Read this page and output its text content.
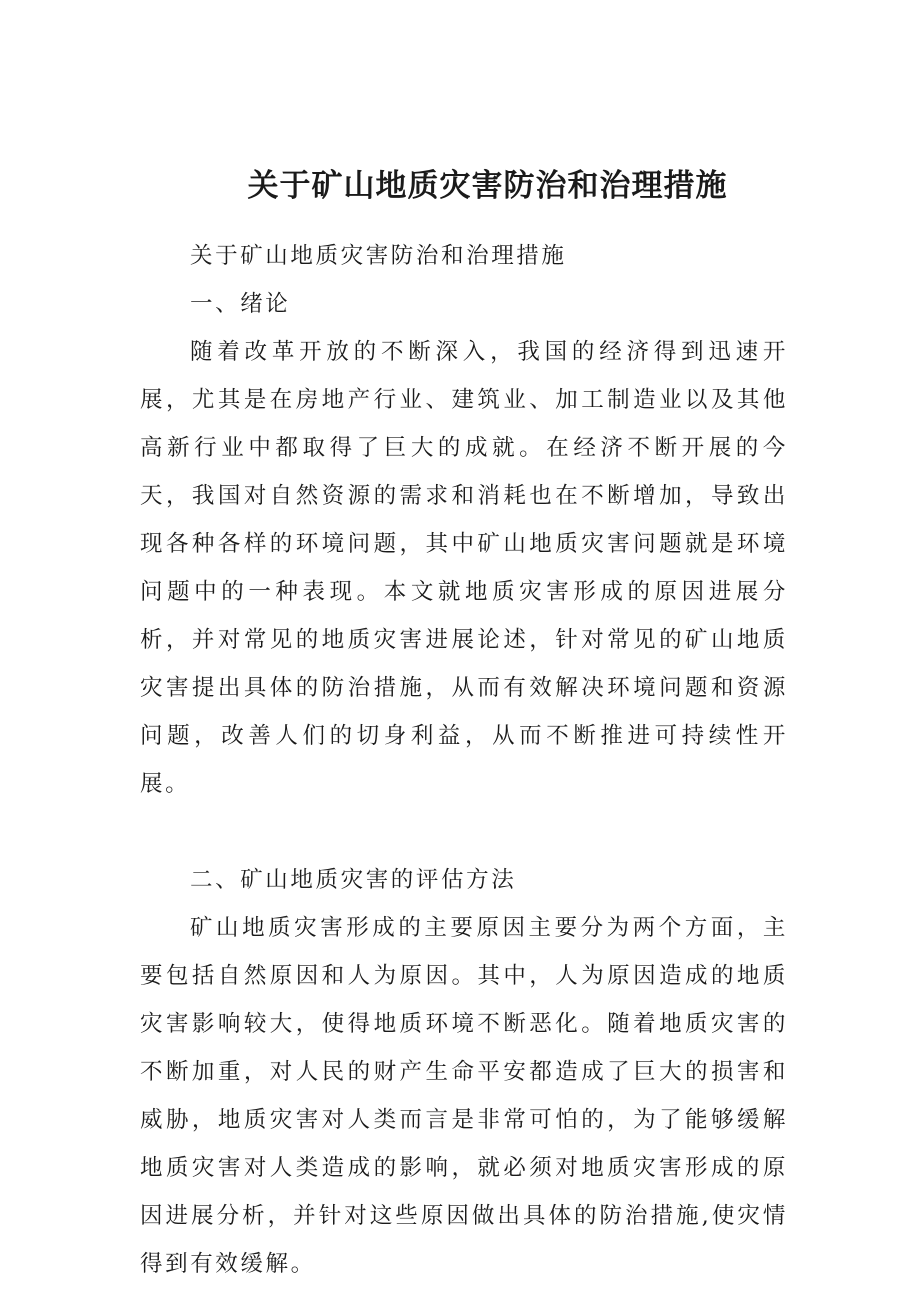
关于矿山地质灾害防治和治理措施

关于矿山地质灾害防治和治理措施

一、绪论

随着改革开放的不断深入，我国的经济得到迅速开展，尤其是在房地产行业、建筑业、加工制造业以及其他高新行业中都取得了巨大的成就。在经济不断开展的今天，我国对自然资源的需求和消耗也在不断增加，导致出现各种各样的环境问题，其中矿山地质灾害问题就是环境问题中的一种表现。本文就地质灾害形成的原因进展分析，并对常见的地质灾害进展论述，针对常见的矿山地质灾害提出具体的防治措施，从而有效解决环境问题和资源问题，改善人们的切身利益，从而不断推进可持续性开展。

二、矿山地质灾害的评估方法

矿山地质灾害形成的主要原因主要分为两个方面，主要包括自然原因和人为原因。其中，人为原因造成的地质灾害影响较大，使得地质环境不断恶化。随着地质灾害的不断加重，对人民的财产生命平安都造成了巨大的损害和威胁，地质灾害对人类而言是非常可怕的，为了能够缓解地质灾害对人类造成的影响，就必须对地质灾害形成的原因进展分析，并针对这些原因做出具体的防治措施,使灾情得到有效缓解。
